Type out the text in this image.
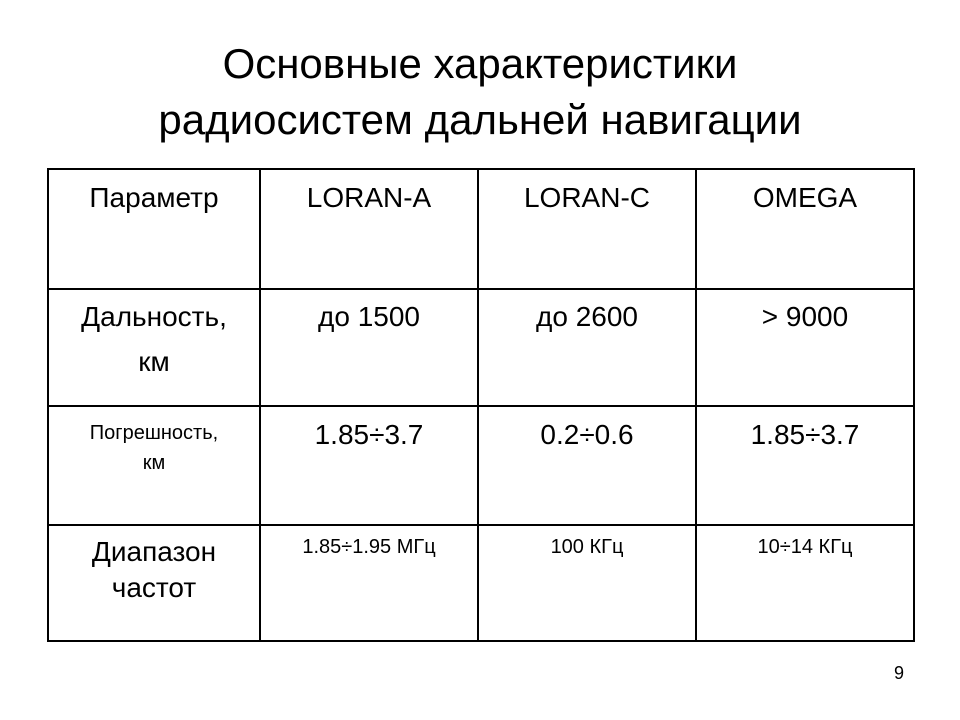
Основные характеристики
радиосистем дальней навигации
Параметр	LORAN-A	LORAN-C	OMEGA

Дальность,
км	до 1500	до 2600	> 9000

Погрешность,
км	1.85÷3.7	0.2÷0.6	1.85÷3.7

Диапазон
частот	1.85÷1.95 МГц	100 КГц	10÷14 КГц
9
